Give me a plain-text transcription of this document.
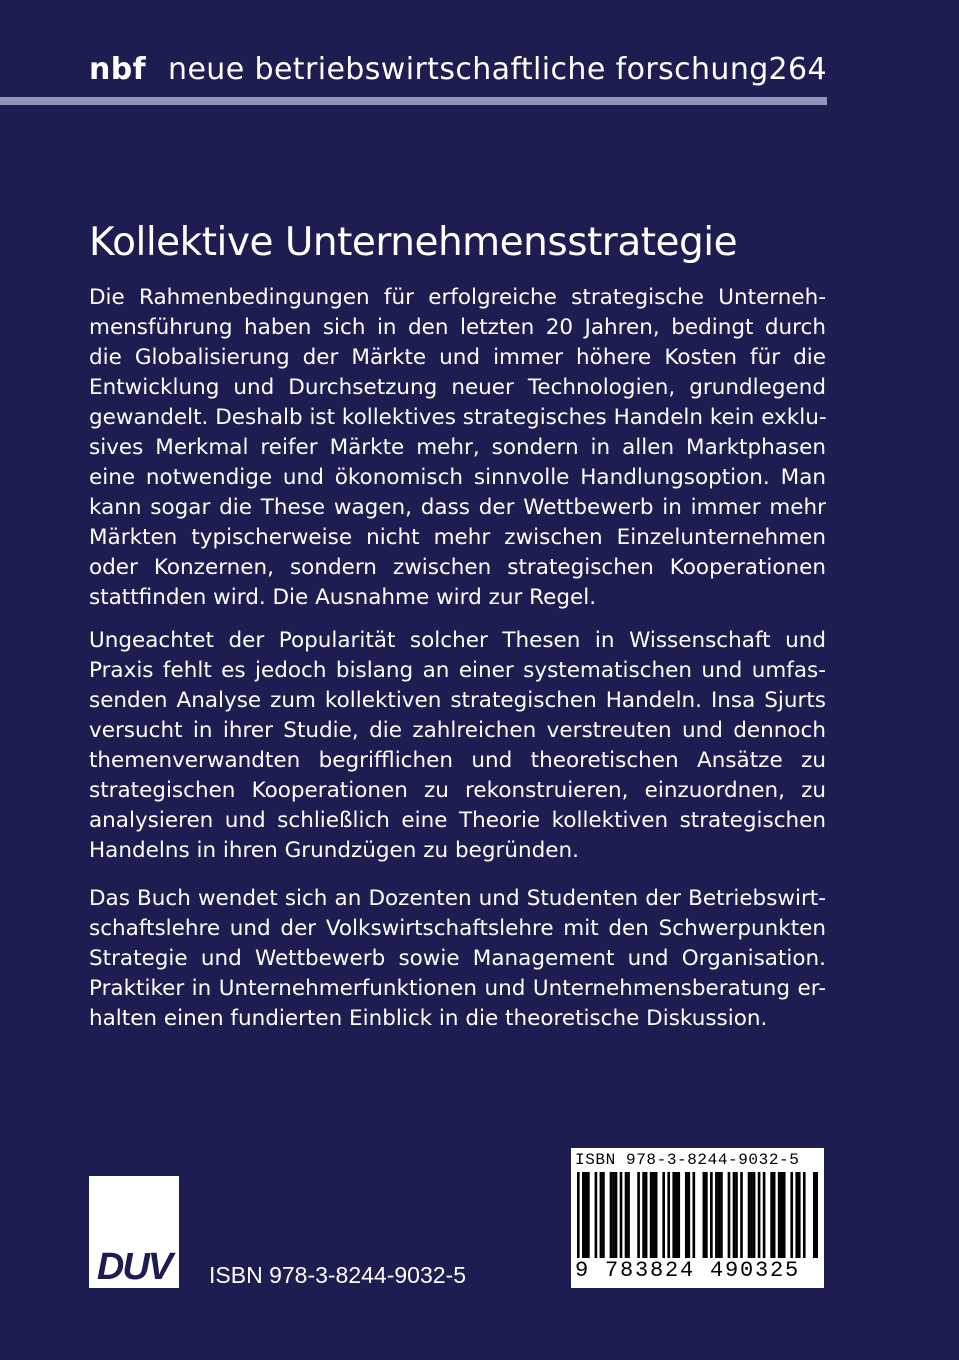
nbf neue betriebswirtschaftliche forschung 264
Kollektive Unternehmensstrategie
Die Rahmenbedingungen für erfolgreiche strategische Unterneh-
mensführung haben sich in den letzten 20 Jahren, bedingt durch
die Globalisierung der Märkte und immer höhere Kosten für die
Entwicklung und Durchsetzung neuer Technologien, grundlegend
gewandelt. Deshalb ist kollektives strategisches Handeln kein exklu-
sives Merkmal reifer Märkte mehr, sondern in allen Marktphasen
eine notwendige und ökonomisch sinnvolle Handlungsoption. Man
kann sogar die These wagen, dass der Wettbewerb in immer mehr
Märkten typischerweise nicht mehr zwischen Einzelunternehmen
oder Konzernen, sondern zwischen strategischen Kooperationen
stattfinden wird. Die Ausnahme wird zur Regel.
Ungeachtet der Popularität solcher Thesen in Wissenschaft und
Praxis fehlt es jedoch bislang an einer systematischen und umfas-
senden Analyse zum kollektiven strategischen Handeln. Insa Sjurts
versucht in ihrer Studie, die zahlreichen verstreuten und dennoch
themenverwandten begrifflichen und theoretischen Ansätze zu
strategischen Kooperationen zu rekonstruieren, einzuordnen, zu
analysieren und schließlich eine Theorie kollektiven strategischen
Handelns in ihren Grundzügen zu begründen.
Das Buch wendet sich an Dozenten und Studenten der Betriebswirt-
schaftslehre und der Volkswirtschaftslehre mit den Schwerpunkten
Strategie und Wettbewerb sowie Management und Organisation.
Praktiker in Unternehmerfunktionen und Unternehmensberatung er-
halten einen fundierten Einblick in die theoretische Diskussion.
DUV	ISBN 978-3-8244-9032-5
ISBN 978-3-8244-9032-5
9 783824 490325
